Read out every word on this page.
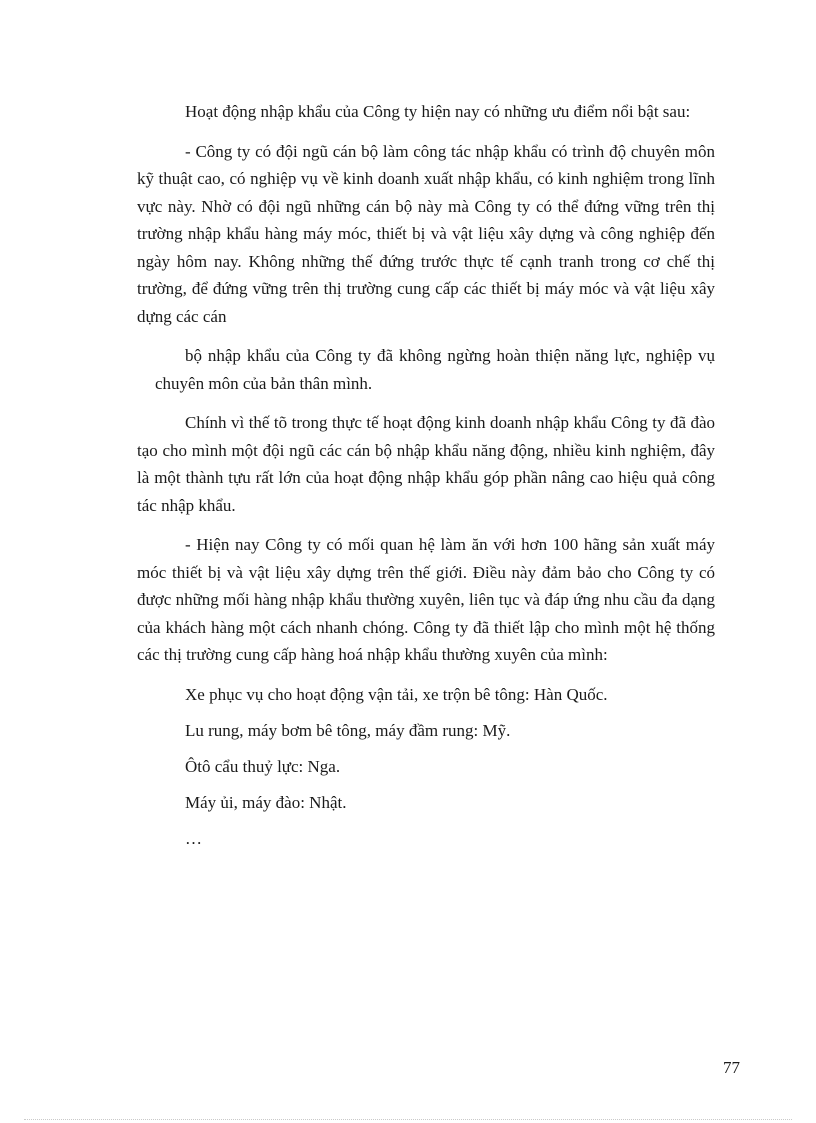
Hoạt động nhập khẩu của Công ty hiện nay có những ưu điểm nổi bật sau:

- Công ty có đội ngũ cán bộ làm công tác nhập khẩu có trình độ chuyên môn kỹ thuật cao, có nghiệp vụ về kinh doanh xuất nhập khẩu, có kinh nghiệm trong lĩnh vực này. Nhờ có đội ngũ những cán bộ này mà Công ty có thể đứng vững trên thị trường nhập khẩu hàng máy móc, thiết bị và vật liệu xây dựng và công nghiệp đến ngày hôm nay. Không những thế đứng trước thực tế cạnh tranh trong cơ chế thị trường, để đứng vững trên thị trường cung cấp các thiết bị máy móc và vật liệu xây dựng các cán

bộ nhập khẩu của Công ty đã không ngừng hoàn thiện năng lực, nghiệp vụ chuyên môn của bản thân mình.

Chính vì thế tõ trong thực tế hoạt động kinh doanh nhập khẩu Công ty đã đào tạo cho mình một đội ngũ các cán bộ nhập khẩu năng động, nhiều kinh nghiệm, đây là một thành tựu rất lớn của hoạt động nhập khẩu góp phần nâng cao hiệu quả công tác nhập khẩu.

- Hiện nay Công ty có mối quan hệ làm ăn với hơn 100 hãng sản xuất máy móc thiết bị và vật liệu xây dựng trên thế giới. Điều này đảm bảo cho Công ty có được những mối hàng nhập khẩu thường xuyên, liên tục và đáp ứng nhu cầu đa dạng của khách hàng một cách nhanh chóng. Công ty đã thiết lập cho mình một hệ thống các thị trường cung cấp hàng hoá nhập khẩu thường xuyên của mình:

Xe phục vụ cho hoạt động vận tải, xe trộn bê tông: Hàn Quốc.
Lu rung, máy bơm bê tông, máy đầm rung: Mỹ.
Ôtô cẩu thuỷ lực: Nga.
Máy ủi, máy đào: Nhật.
…
77
